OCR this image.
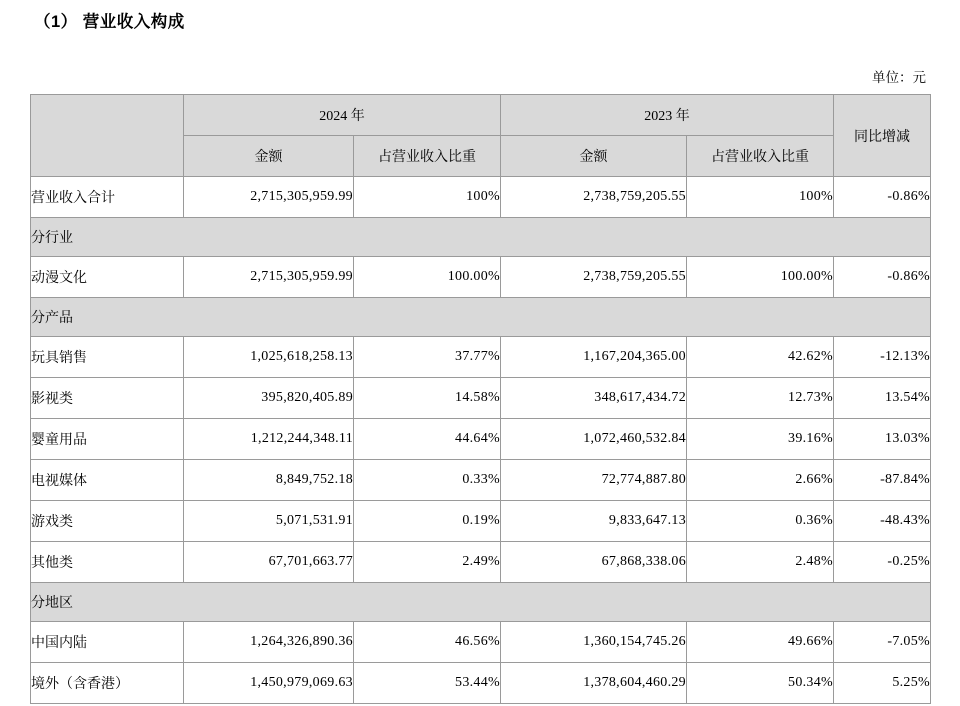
（1） 营业收入构成
单位：元
	2024 年		2023 年		同比增减
	金额	占营业收入比重	金额	占营业收入比重	
营业收入合计	2,715,305,959.99	100%	2,738,759,205.55	100%	-0.86%
分行业					
动漫文化	2,715,305,959.99	100.00%	2,738,759,205.55	100.00%	-0.86%
分产品					
玩具销售	1,025,618,258.13	37.77%	1,167,204,365.00	42.62%	-12.13%
影视类	395,820,405.89	14.58%	348,617,434.72	12.73%	13.54%
婴童用品	1,212,244,348.11	44.64%	1,072,460,532.84	39.16%	13.03%
电视媒体	8,849,752.18	0.33%	72,774,887.80	2.66%	-87.84%
游戏类	5,071,531.91	0.19%	9,833,647.13	0.36%	-48.43%
其他类	67,701,663.77	2.49%	67,868,338.06	2.48%	-0.25%
分地区					
中国内陆	1,264,326,890.36	46.56%	1,360,154,745.26	49.66%	-7.05%
境外（含香港）	1,450,979,069.63	53.44%	1,378,604,460.29	50.34%	5.25%
